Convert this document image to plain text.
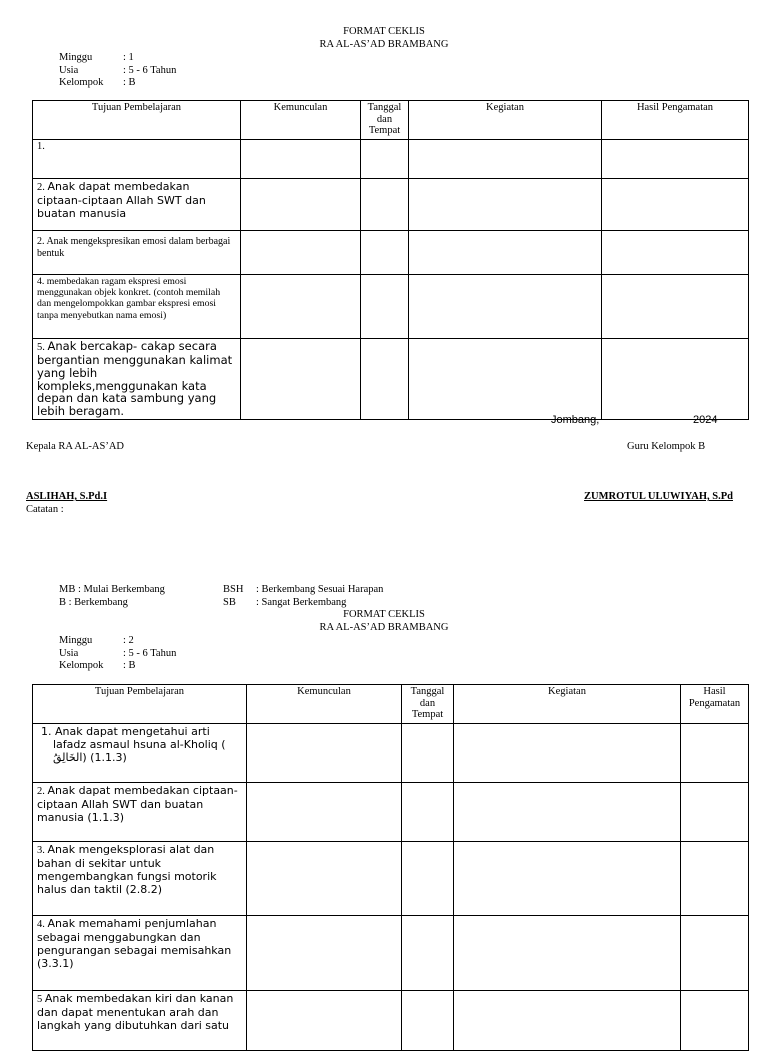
FORMAT CEKLIS
RA AL-AS’AD BRAMBANG
Minggu	: 1
Usia	: 5 - 6 Tahun
Kelompok : B
Tujuan Pembelajaran	Kemunculan	Tanggal dan Tempat	Kegiatan	Hasil Pengamatan
1.				
2. Anak dapat membedakan ciptaan-ciptaan Allah SWT dan buatan manusia				
2. Anak mengekspresikan emosi dalam berbagai bentuk				
4. membedakan ragam ekspresi emosi menggunakan objek konkret. (contoh memilah dan mengelompokkan gambar ekspresi emosi tanpa menyebutkan nama emosi)				
5. Anak bercakap- cakap secara bergantian menggunakan kalimat yang lebih kompleks,menggunakan kata depan dan kata sambung yang lebih beragam.				
Jombang,	2024
Kepala RA AL-AS’AD	Guru Kelompok B
ASLIHAH, S.Pd.I	ZUMROTUL ULUWIYAH, S.Pd
Catatan :
MB : Mulai Berkembang
B : Berkembang
BSH : Berkembang Sesuai Harapan
SB : Sangat Berkembang
FORMAT CEKLIS
RA AL-AS’AD BRAMBANG
Minggu	: 2
Usia	: 5 - 6 Tahun
Kelompok : B
Tujuan Pembelajaran	Kemunculan	Tanggal dan Tempat	Kegiatan	Hasil Pengamatan

1. Anak dapat mengetahui arti lafadz asmaul hsuna al-Kholiq ( الخَالِقُ) (1.1.3)				

2. Anak dapat membedakan ciptaan-ciptaan Allah SWT dan buatan manusia (1.1.3)				
3. Anak mengeksplorasi alat dan bahan di sekitar untuk mengembangkan fungsi motorik halus dan taktil (2.8.2)				
4. Anak memahami penjumlahan sebagai menggabungkan dan pengurangan sebagai memisahkan (3.3.1)				
5 Anak membedakan kiri dan kanan dan dapat menentukan arah dan langkah yang dibutuhkan dari satu				
